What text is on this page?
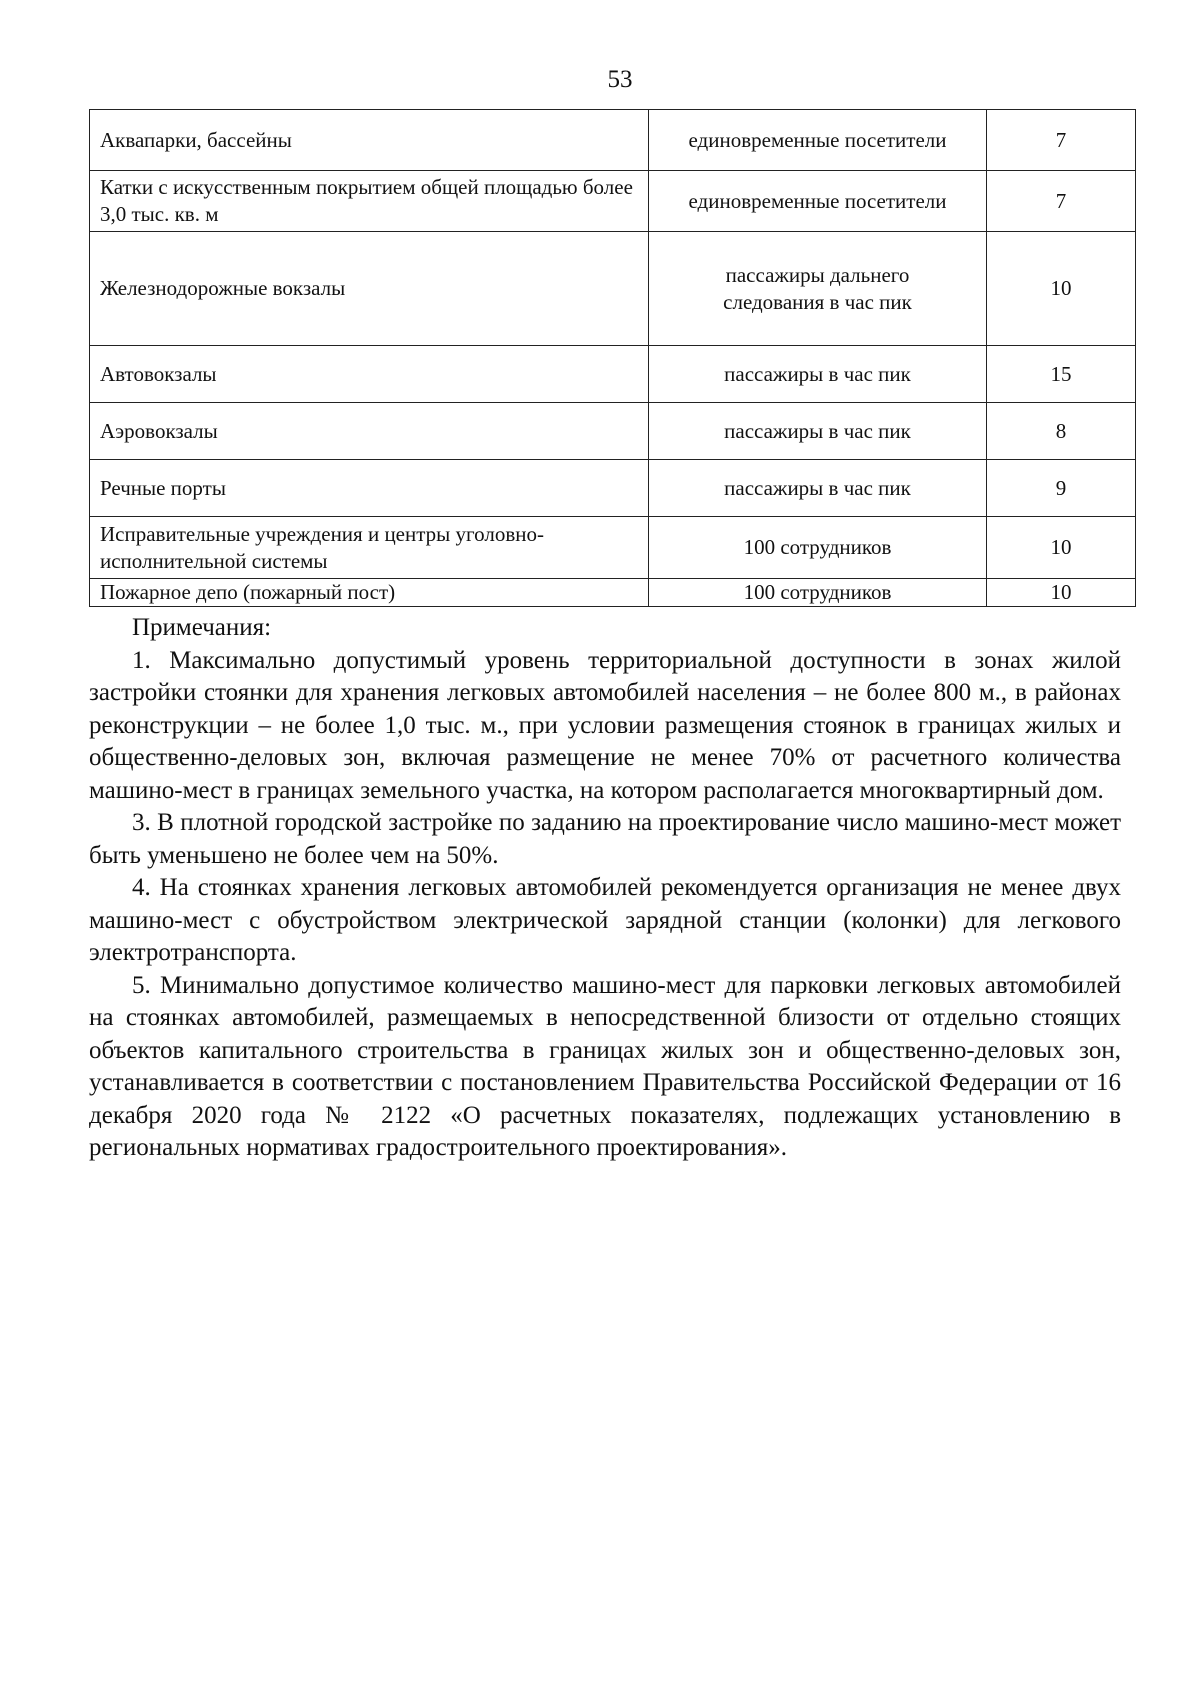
53
Аквапарки, бассейны	единовременные посетители	7
Катки с искусственным покрытием общей площадью более 3,0 тыс. кв. м	единовременные посетители	7
Железнодорожные вокзалы	пассажиры дальнего следования в час пик	10
Автовокзалы	пассажиры в час пик	15
Аэровокзалы	пассажиры в час пик	8
Речные порты	пассажиры в час пик	9
Исправительные учреждения и центры уголовно-исполнительной системы	100 сотрудников	10
Пожарное депо (пожарный пост)	100 сотрудников	10
Примечания:

1. Максимально допустимый уровень территориальной доступности в зонах жилой застройки стоянки для хранения легковых автомобилей населения – не более 800 м., в районах реконструкции – не более 1,0 тыс. м., при условии размещения стоянок в границах жилых и общественно-деловых зон, включая размещение не менее 70% от расчетного количества машино-мест в границах земельного участка, на котором располагается многоквартирный дом.

3. В плотной городской застройке по заданию на проектирование число машино-мест может быть уменьшено не более чем на 50%.

4. На стоянках хранения легковых автомобилей рекомендуется организация не менее двух машино-мест с обустройством электрической зарядной станции (колонки) для легкового электротранспорта.

5. Минимально допустимое количество машино-мест для парковки легковых автомобилей на стоянках автомобилей, размещаемых в непосредственной близости от отдельно стоящих объектов капитального строительства в границах жилых зон и общественно-деловых зон, устанавливается в соответствии с постановлением Правительства Российской Федерации от 16 декабря 2020 года № 2122 «О расчетных показателях, подлежащих установлению в региональных нормативах градостроительного проектирования».
